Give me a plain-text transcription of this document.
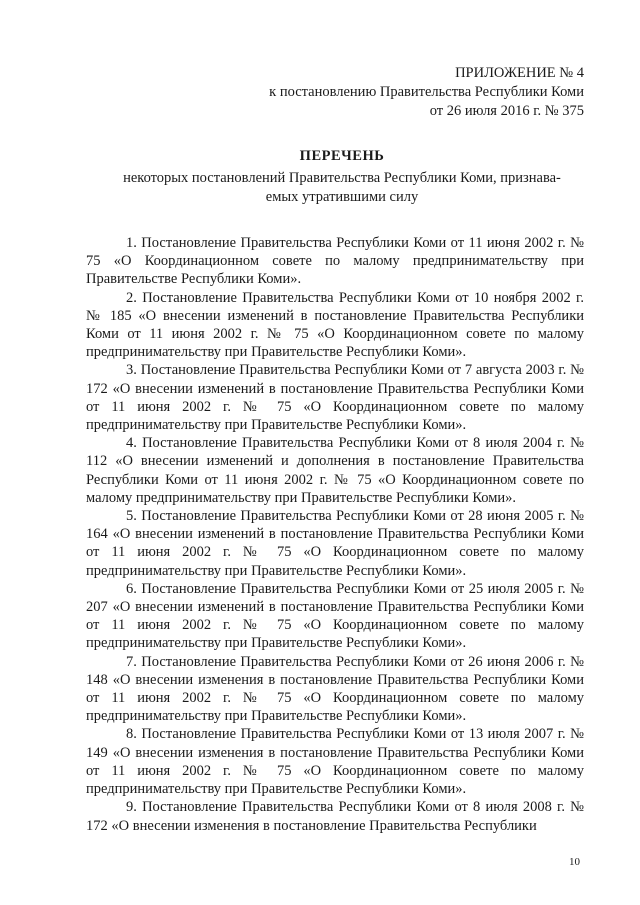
ПРИЛОЖЕНИЕ № 4
к постановлению Правительства Республики Коми
от 26 июля 2016 г. № 375
ПЕРЕЧЕНЬ
некоторых постановлений Правительства Республики Коми, признава-
емых утратившими силу

1. Постановление Правительства Республики Коми от 11 июня 2002 г. № 75 «О Координационном совете по малому предпринимательству при Правительстве Республики Коми».

2. Постановление Правительства Республики Коми от 10 ноября 2002 г. № 185 «О внесении изменений в постановление Правительства Республики Коми от 11 июня 2002 г. № 75 «О Координационном совете по малому предпринимательству при Правительстве Республики Коми».

3. Постановление Правительства Республики Коми от 7 августа 2003 г. № 172 «О внесении изменений в постановление Правительства Республики Коми от 11 июня 2002 г. № 75 «О Координационном совете по малому предпринимательству при Правительстве Республики Коми».

4. Постановление Правительства Республики Коми от 8 июля 2004 г. № 112 «О внесении изменений и дополнения в постановление Правительства Республики Коми от 11 июня 2002 г. № 75 «О Координационном совете по малому предпринимательству при Правительстве Республики Коми».

5. Постановление Правительства Республики Коми от 28 июня 2005 г. № 164 «О внесении изменений в постановление Правительства Республики Коми от 11 июня 2002 г. № 75 «О Координационном совете по малому предпринимательству при Правительстве Республики Коми».

6. Постановление Правительства Республики Коми от 25 июля 2005 г. № 207 «О внесении изменений в постановление Правительства Республики Коми от 11 июня 2002 г. № 75 «О Координационном совете по малому предпринимательству при Правительстве Республики Коми».

7. Постановление Правительства Республики Коми от 26 июня 2006 г. № 148 «О внесении изменения в постановление Правительства Республики Коми от 11 июня 2002 г. № 75 «О Координационном совете по малому предпринимательству при Правительстве Республики Коми».

8. Постановление Правительства Республики Коми от 13 июля 2007 г. № 149 «О внесении изменения в постановление Правительства Республики Коми от 11 июня 2002 г. № 75 «О Координационном совете по малому предпринимательству при Правительстве Республики Коми».

9. Постановление Правительства Республики Коми от 8 июля 2008 г. № 172 «О внесении изменения в постановление Правительства Республики

10
